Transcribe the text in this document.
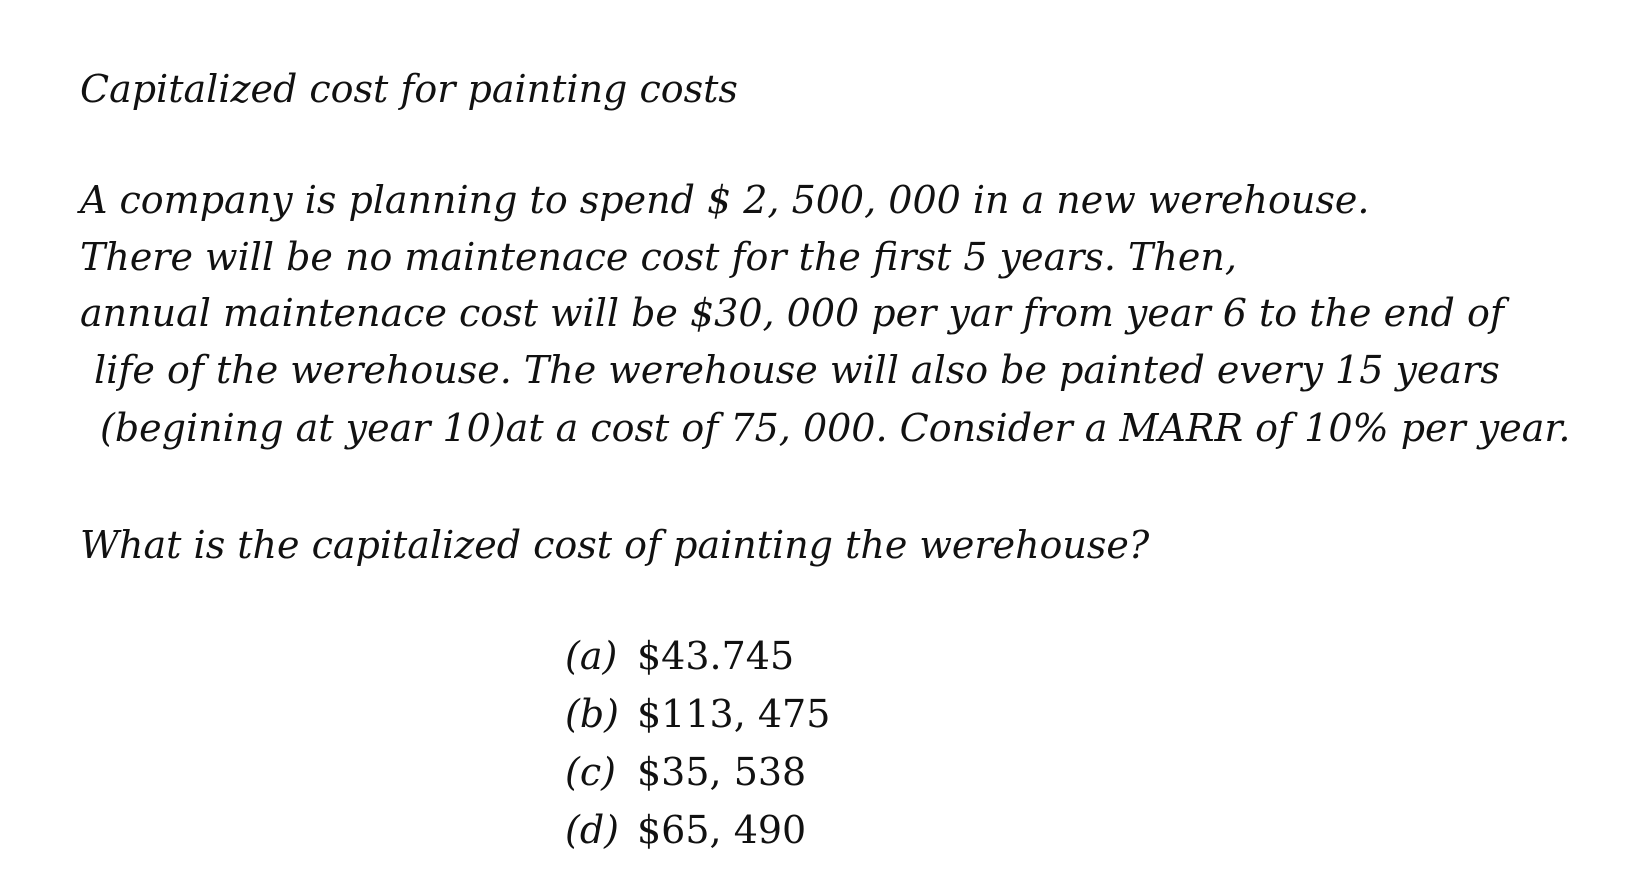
Capitalized cost for painting costs
A company is planning to spend $ 2, 500, 000 in a new werehouse.
There will be no maintenace cost for the first 5 years. Then,
annual maintenace cost will be $30, 000 per yar from year 6 to the end of
life of the werehouse. The werehouse will also be painted every 15 years
(begining at year 10)at a cost of 75, 000. Consider a MARR of 10% per year.
What is the capitalized cost of painting the werehouse?
(a) $43.745
(b) $113, 475
(c) $35, 538
(d) $65, 490
